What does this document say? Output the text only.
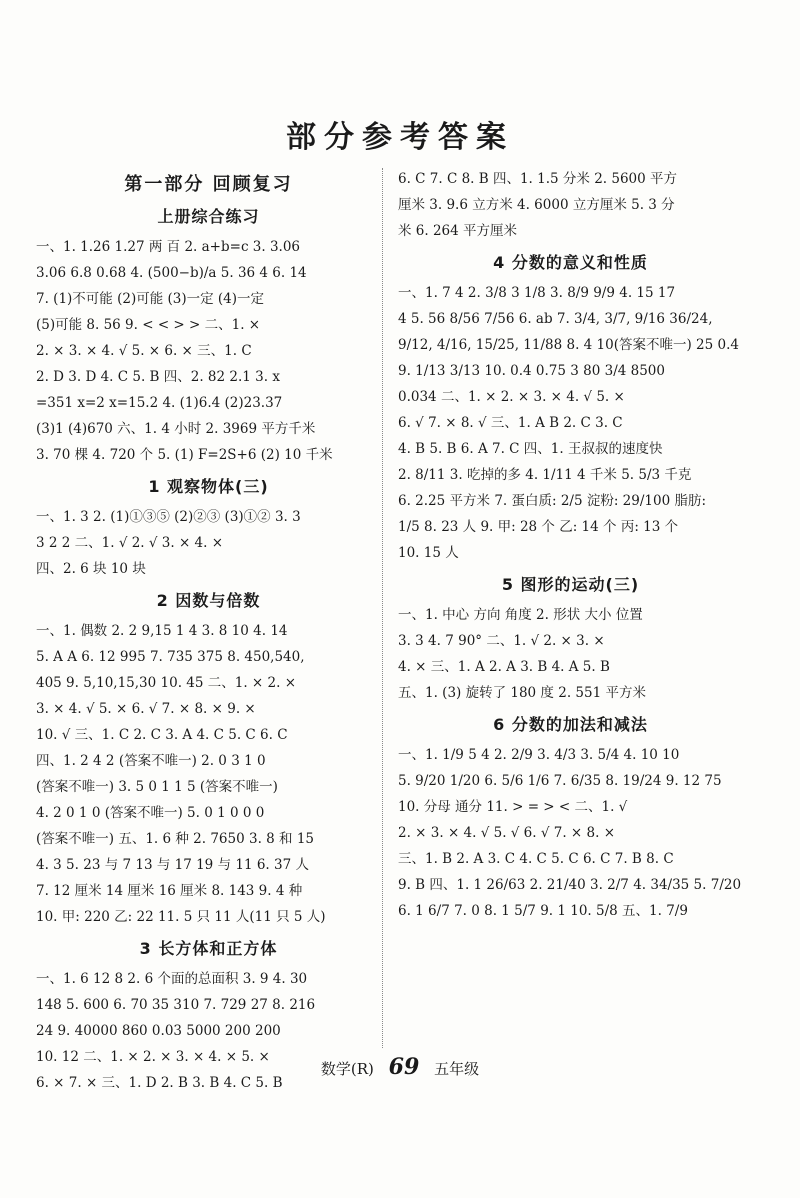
部分参考答案
第一部分 回顾复习
上册综合练习
一、1. 1.26̇ 1.27 两 百 2. a+b=c 3. 3.06
3.06 6.8 0.68 4. (500−b)/a 5. 36 4 6. 14
7. (1)不可能 (2)可能 (3)一定 (4)一定
(5)可能 8. 56 9. < < > > 二、1. ×
2. × 3. × 4. √ 5. × 6. × 三、1. C
2. D 3. D 4. C 5. B 四、2. 82 2.1 3. x
=351 x=2 x=15.2 4. (1)6.4 (2)23.37
(3)1 (4)670 六、1. 4 小时 2. 3969 平方千米
3. 70 棵 4. 720 个 5. (1) F=2S+6 (2) 10 千米
1 观察物体(三)
一、1. 3 2. (1)①③⑤ (2)②③ (3)①② 3. 3
3 2 2 二、1. √ 2. √ 3. × 4. ×
四、2. 6 块 10 块
2 因数与倍数
一、1. 偶数 2. 2 9,15 1 4 3. 8 10 4. 14
5. A A 6. 12 995 7. 735 375 8. 450,540,
405 9. 5,10,15,30 10. 45 二、1. × 2. ×
3. × 4. √ 5. × 6. √ 7. × 8. × 9. ×
10. √ 三、1. C 2. C 3. A 4. C 5. C 6. C
四、1. 2 4 2 (答案不唯一) 2. 0 3 1 0
(答案不唯一) 3. 5 0 1 1 5 (答案不唯一)
4. 2 0 1 0 (答案不唯一) 5. 0 1 0 0 0
(答案不唯一) 五、1. 6 种 2. 7650 3. 8 和 15
4. 3 5. 23 与 7 13 与 17 19 与 11 6. 37 人
7. 12 厘米 14 厘米 16 厘米 8. 143 9. 4 种
10. 甲: 220 乙: 22 11. 5 只 11 人(11 只 5 人)
3 长方体和正方体
一、1. 6 12 8 2. 6 个面的总面积 3. 9 4. 30
148 5. 600 6. 70 35 310 7. 729 27 8. 216
24 9. 40000 860 0.03 5000 200 200
10. 12 二、1. × 2. × 3. × 4. × 5. ×
6. × 7. × 三、1. D 2. B 3. B 4. C 5. B
6. C 7. C 8. B 四、1. 1.5 分米 2. 5600 平方
厘米 3. 9.6 立方米 4. 6000 立方厘米 5. 3 分
米 6. 264 平方厘米
4 分数的意义和性质
一、1. 7 4 2. 3/8 3 1/8 3. 8/9 9/9 4. 15 17
4 5. 56 8/56 7/56 6. ab 7. 3/4, 3/7, 9/16 36/24,
9/12, 4/16, 15/25, 11/88 8. 4 10(答案不唯一) 25 0.4
9. 1/13 3/13 10. 0.4 0.75 3 80 3/4 8500
0.034 二、1. × 2. × 3. × 4. √ 5. ×
6. √ 7. × 8. √ 三、1. A B 2. C 3. C
4. B 5. B 6. A 7. C 四、1. 王叔叔的速度快
2. 8/11 3. 吃掉的多 4. 1/11 4 千米 5. 5/3 千克
6. 2.25 平方米 7. 蛋白质: 2/5 淀粉: 29/100 脂肪:
1/5 8. 23 人 9. 甲: 28 个 乙: 14 个 丙: 13 个
10. 15 人
5 图形的运动(三)
一、1. 中心 方向 角度 2. 形状 大小 位置
3. 3 4. 7 90° 二、1. √ 2. × 3. ×
4. × 三、1. A 2. A 3. B 4. A 5. B
五、1. (3) 旋转了 180 度 2. 551 平方米
6 分数的加法和减法
一、1. 1/9 5 4 2. 2/9 3. 4/3 3. 5/4 4. 10 10
5. 9/20 1/20 6. 5/6 1/6 7. 6/35 8. 19/24 9. 12 75
10. 分母 通分 11. > = > < 二、1. √
2. × 3. × 4. √ 5. √ 6. √ 7. × 8. ×
三、1. B 2. A 3. C 4. C 5. C 6. C 7. B 8. C
9. B 四、1. 1 26/63 2. 21/40 3. 2/7 4. 34/35 5. 7/20
6. 1 6/7 7. 0 8. 1 5/7 9. 1 10. 5/8 五、1. 7/9
数学(R) 69 五年级
